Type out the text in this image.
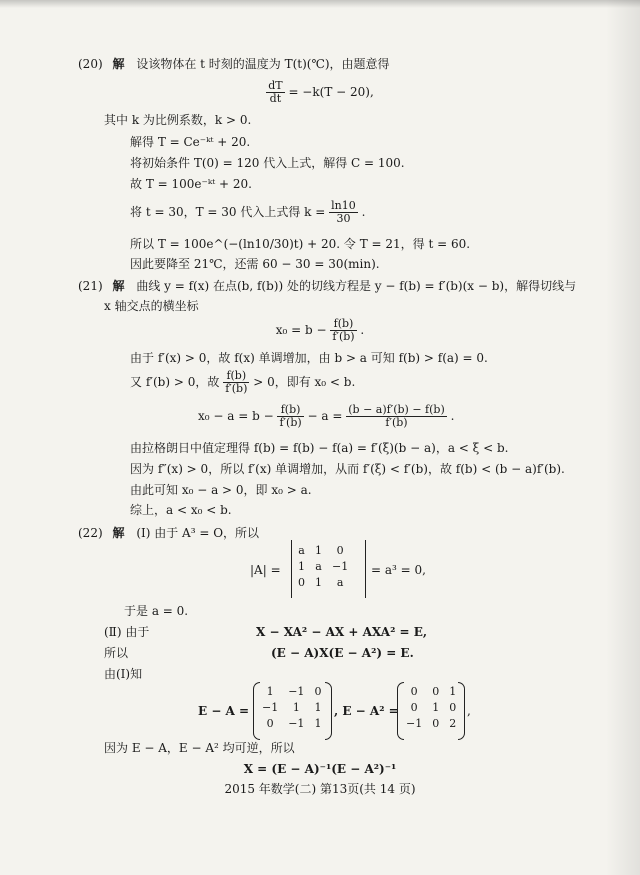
(20) 解 设该物体在 t 时刻的温度为 T(t)(℃)，由题意得
$\frac{dT}{dt} = -k(T - 20)$,
其中 k 为比例系数，k > 0.
解得 T = Ce⁻ᵏᵗ + 20.
将初始条件 T(0) = 120 代入上式，解得 C = 100.
故 T = 100e⁻ᵏᵗ + 20.
将 t = 30，T = 30 代入上式得 $k = \frac{\ln 10}{30}$ .
所以 T = 100e^(−(ln10/30)t) + 20. 令 T = 21，得 t = 60.
因此要降至 21℃，还需 60 − 30 = 30(min).
(21) 解 曲线 y = f(x) 在点(b, f(b)) 处的切线方程是 y − f(b) = f′(b)(x − b)，解得切线与
x 轴交点的横坐标
$x_0 = b - \frac{f(b)}{f'(b)}$ .
由于 f′(x) > 0，故 f(x) 单调增加，由 b > a 可知 f(b) > f(a) = 0.
又 f′(b) > 0，故 $\frac{f(b)}{f'(b)} > 0$，即有 x₀ < b.
$x_0 - a = b - \frac{f(b)}{f'(b)} - a = \frac{(b - a)f'(b) - f(b)}{f'(b)}$ .
由拉格朗日中值定理得 f(b) = f(b) − f(a) = f′(ξ)(b − a)，a < ξ < b.
因为 f″(x) > 0，所以 f′(x) 单调增加，从而 f′(ξ) < f′(b)，故 f(b) < (b − a)f′(b).
由此可知 x₀ − a > 0，即 x₀ > a.
综上，a < x₀ < b.
(22) 解 (Ⅰ) 由于 A³ = O，所以
|A| =
a	1	0
1	a	−1
0	1	a
= a³ = 0,
于是 a = 0.
(Ⅱ) 由于	X − XA² − AX + AXA² = E,
所以	(E − A)X(E − A²) = E.
由(Ⅰ)知
E − A =
1	−1	0
−1	1	1
0	−1	1
, E − A² =
0	0	1
0	1	0
−1	0	2
,
因为 E − A，E − A² 均可逆，所以
X = (E − A)⁻¹(E − A²)⁻¹
2015 年数学(二) 第13页(共 14 页)
